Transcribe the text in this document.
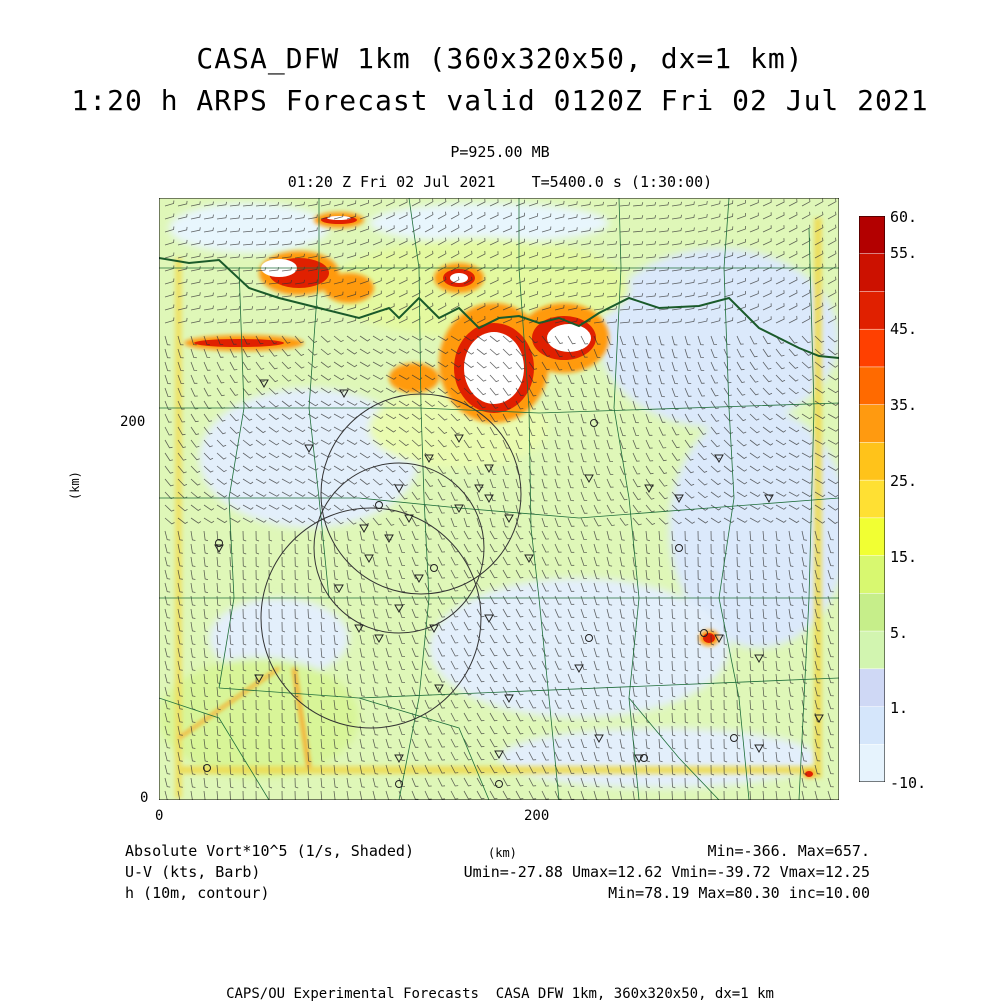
CASA_DFW 1km (360x320x50, dx=1 km)
1:20 h ARPS Forecast valid 0120Z Fri 02 Jul 2021
P=925.00 MB
01:20 Z Fri 02 Jul 2021    T=5400.0 s (1:30:00)
0
200
0	200
(km)
60.
55.
45.
35.
25.
15.
5.
1.
-10.
Absolute Vort*10^5 (1/s, Shaded)	(km)	Min=-366. Max=657.
U-V (kts, Barb)	Umin=-27.88 Umax=12.62 Vmin=-39.72 Vmax=12.25
h (10m, contour)	Min=78.19 Max=80.30 inc=10.00
CAPS/OU Experimental Forecasts  CASA DFW 1km, 360x320x50, dx=1 km
